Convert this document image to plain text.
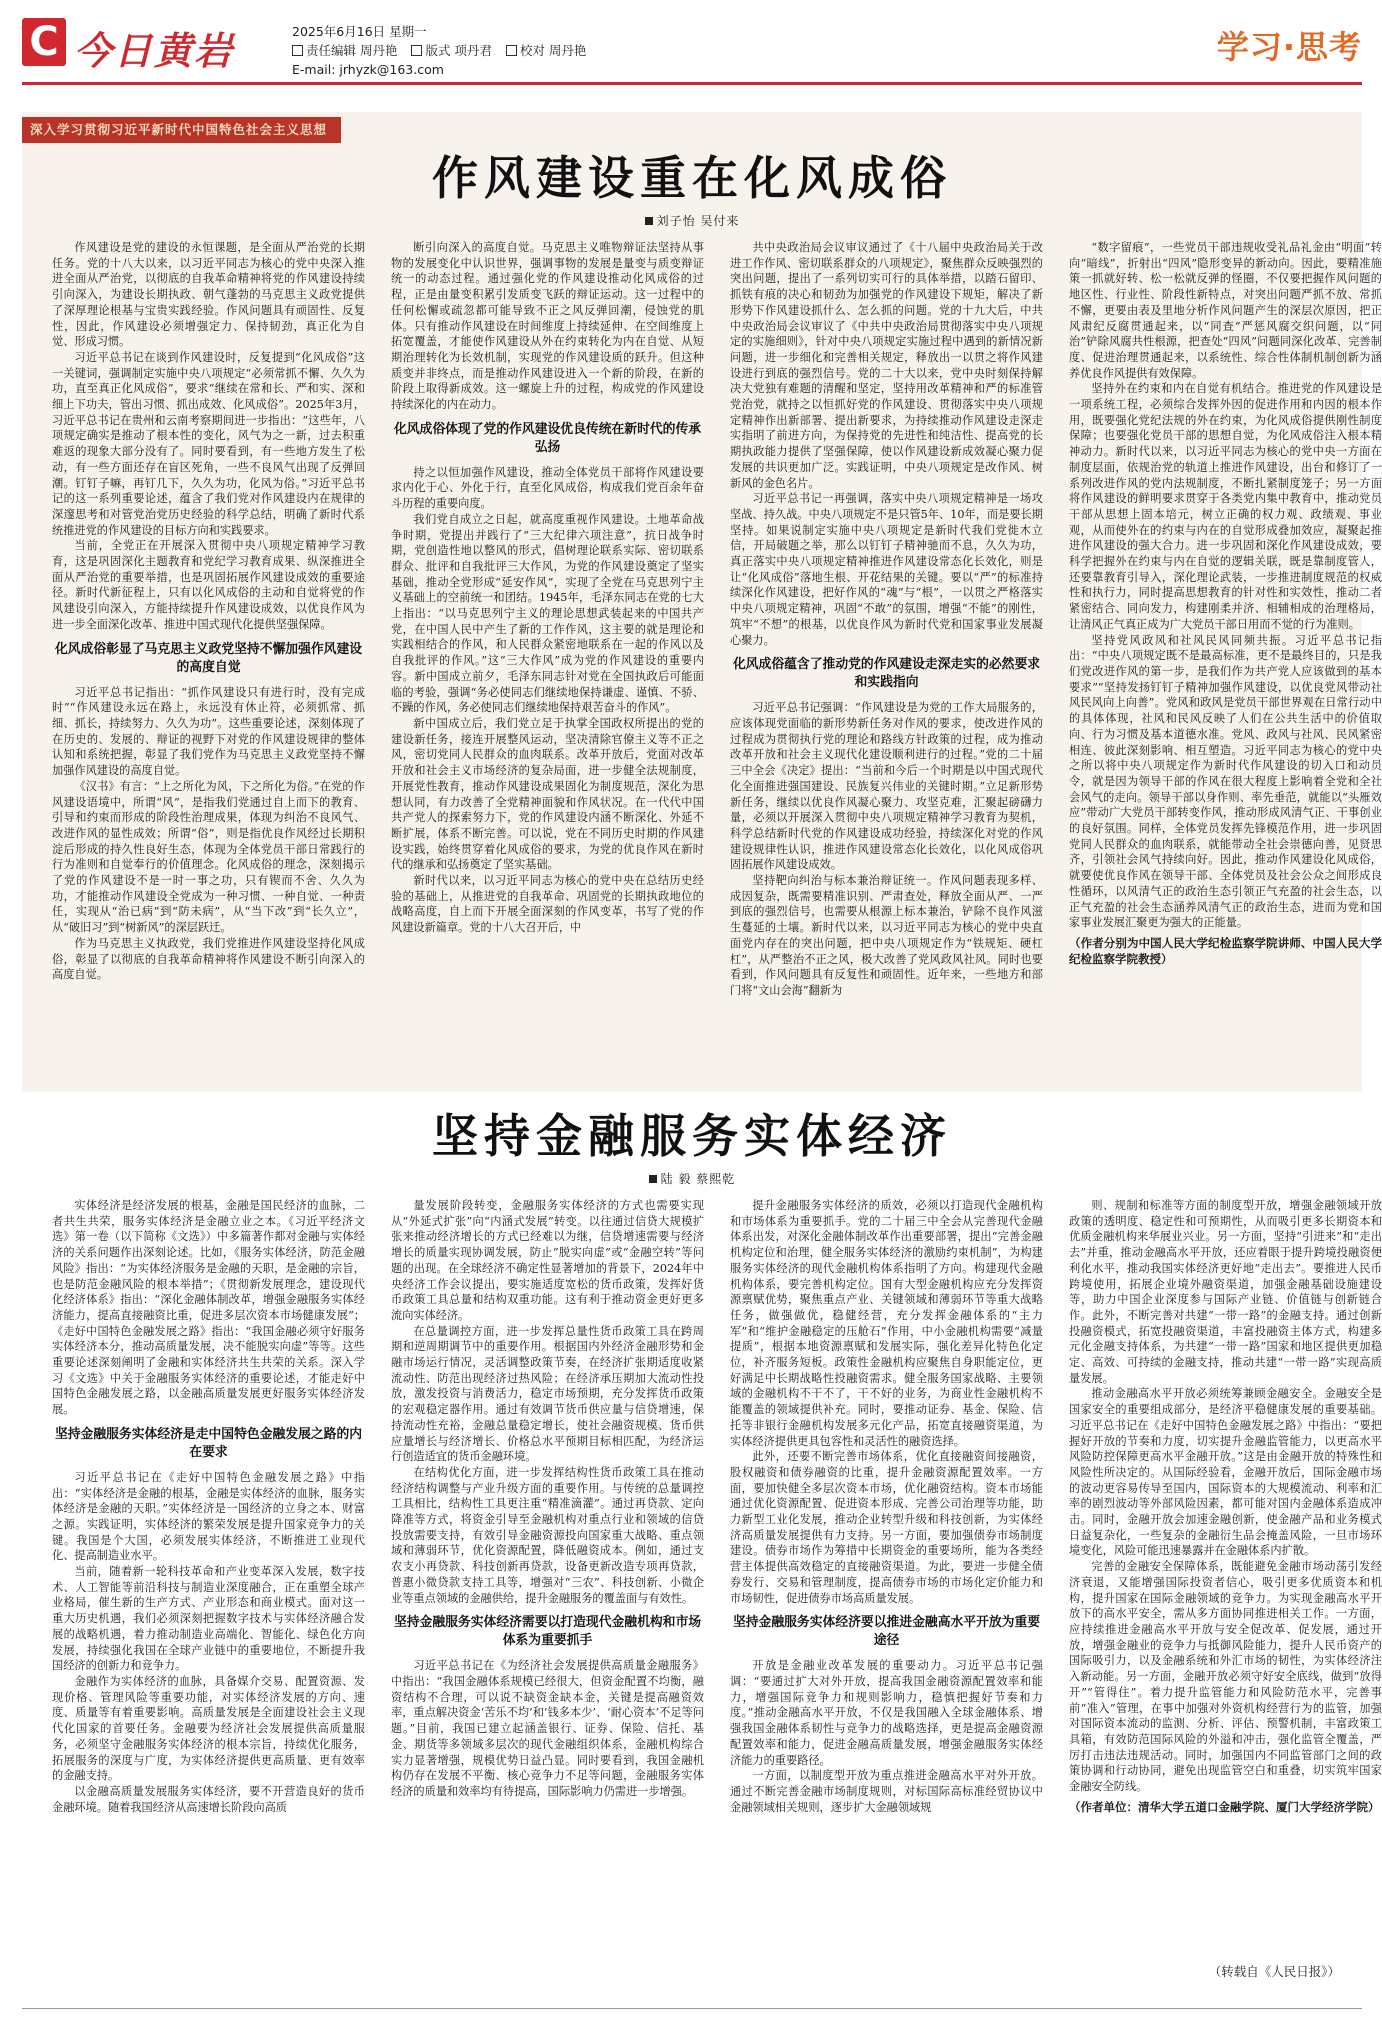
C 今日黄岩	2025年6月16日 星期一
责任编辑 周丹艳 版式 项丹君 校对 周丹艳
E-mail: jrhyzk@163.com
学习·思考
深入学习贯彻习近平新时代中国特色社会主义思想
作风建设重在化风成俗
刘子怡 吴付来

作风建设是党的建设的永恒课题，是全面从严治党的长期任务。党的十八大以来，以习近平同志为核心的党中央深入推进全面从严治党，以彻底的自我革命精神将党的作风建设持续引向深入，为建设长期执政、朝气蓬勃的马克思主义政党提供了深厚理论根基与宝贵实践经验。作风问题具有顽固性、反复性，因此，作风建设必须增强定力、保持韧劲，真正化为自觉、形成习惯。

习近平总书记在谈到作风建设时，反复提到“化风成俗”这一关键词，强调制定实施中央八项规定“必须常抓不懈、久久为功，直至真正化风成俗”，要求“继续在常和长、严和实、深和细上下功夫，管出习惯、抓出成效、化风成俗”。2025年3月，习近平总书记在贵州和云南考察期间进一步指出：“这些年，八项规定确实是推动了根本性的变化，风气为之一新，过去积重难返的现象大部分没有了。同时要看到，有一些地方发生了松动，有一些方面还存在盲区死角，一些不良风气出现了反弹回潮。钉钉子嘛，再钉几下，久久为功，化风为俗。”习近平总书记的这一系列重要论述，蕴含了我们党对作风建设内在规律的深邃思考和对管党治党历史经验的科学总结，明确了新时代系统推进党的作风建设的目标方向和实践要求。

当前，全党正在开展深入贯彻中央八项规定精神学习教育，这是巩固深化主题教育和党纪学习教育成果、纵深推进全面从严治党的重要举措，也是巩固拓展作风建设成效的重要途径。新时代新征程上，只有以化风成俗的主动和自觉将党的作风建设引向深入，方能持续提升作风建设成效，以优良作风为进一步全面深化改革、推进中国式现代化提供坚强保障。

化风成俗彰显了马克思主义政党坚持不懈加强作风建设的高度自觉

习近平总书记指出：“抓作风建设只有进行时，没有完成时”“作风建设永远在路上，永远没有休止符，必须抓常、抓细、抓长，持续努力、久久为功”。这些重要论述，深刻体现了在历史的、发展的、辩证的视野下对党的作风建设规律的整体认知和系统把握，彰显了我们党作为马克思主义政党坚持不懈加强作风建设的高度自觉。

《汉书》有言：“上之所化为风，下之所化为俗。”在党的作风建设语境中，所谓“风”，是指我们党通过自上而下的教育、引导和约束而形成的阶段性治理成果，体现为纠治不良风气、改进作风的显性成效；所谓“俗”，则是指优良作风经过长期积淀后形成的持久性良好生态，体现为全体党员干部日常践行的行为准则和自觉奉行的价值理念。化风成俗的理念，深刻揭示了党的作风建设不是一时一事之功，只有锲而不舍、久久为功，才能推动作风建设全党成为一种习惯、一种自觉、一种责任，实现从“治已病”到“防未病”，从“当下改”到“长久立”，从“破旧习”到“树新风”的深层跃迁。

作为马克思主义执政党，我们党推进作风建设坚持化风成俗，彰显了以彻底的自我革命精神将作风建设不断引向深入的高度自觉。

断引向深入的高度自觉。马克思主义唯物辩证法坚持从事物的发展变化中认识世界，强调事物的发展是量变与质变辩证统一的动态过程。通过强化党的作风建设推动化风成俗的过程，正是由量变积累引发质变飞跃的辩证运动。这一过程中的任何松懈或疏忽都可能导致不正之风反弹回潮，侵蚀党的肌体。只有推动作风建设在时间维度上持续延伸、在空间维度上拓宽覆盖，才能使作风建设从外在约束转化为内在自觉、从短期治理转化为长效机制，实现党的作风建设质的跃升。但这种质变并非终点，而是推动作风建设进入一个新的阶段，在新的阶段上取得新成效。这一螺旋上升的过程，构成党的作风建设持续深化的内在动力。

化风成俗体现了党的作风建设优良传统在新时代的传承弘扬

持之以恒加强作风建设，推动全体党员干部将作风建设要求内化于心、外化于行，直至化风成俗，构成我们党百余年奋斗历程的重要向度。

我们党自成立之日起，就高度重视作风建设。土地革命战争时期，党提出并践行了“三大纪律六项注意”，抗日战争时期，党创造性地以整风的形式，倡树理论联系实际、密切联系群众、批评和自我批评三大作风，为党的作风建设奠定了坚实基础，推动全党形成“延安作风”，实现了全党在马克思列宁主义基础上的空前统一和团结。1945年，毛泽东同志在党的七大上指出：“以马克思列宁主义的理论思想武装起来的中国共产党，在中国人民中产生了新的工作作风，这主要的就是理论和实践相结合的作风，和人民群众紧密地联系在一起的作风以及自我批评的作风。”这“三大作风”成为党的作风建设的重要内容。新中国成立前夕，毛泽东同志针对党在全国执政后可能面临的考验，强调“务必使同志们继续地保持谦虚、谨慎、不骄、不躁的作风，务必使同志们继续地保持艰苦奋斗的作风”。

新中国成立后，我们党立足于执掌全国政权所提出的党的建设新任务，接连开展整风运动，坚决清除官僚主义等不正之风，密切党同人民群众的血肉联系。改革开放后，党面对改革开放和社会主义市场经济的复杂局面，进一步健全法规制度，开展党性教育，推动作风建设成果固化为制度规范，深化为思想认同，有力改善了全党精神面貌和作风状况。在一代代中国共产党人的探索努力下，党的作风建设内涵不断深化、外延不断扩展，体系不断完善。可以说，党在不同历史时期的作风建设实践，始终贯穿着化风成俗的要求，为党的优良作风在新时代的继承和弘扬奠定了坚实基础。

新时代以来，以习近平同志为核心的党中央在总结历史经验的基础上，从推进党的自我革命、巩固党的长期执政地位的战略高度，自上而下开展全面深刻的作风变革，书写了党的作风建设新篇章。党的十八大召开后，中

共中央政治局会议审议通过了《十八届中央政治局关于改进工作作风、密切联系群众的八项规定》，聚焦群众反映强烈的突出问题，提出了一系列切实可行的具体举措，以踏石留印、抓铁有痕的决心和韧劲为加强党的作风建设下规矩，解决了新形势下作风建设抓什么、怎么抓的问题。党的十九大后，中共中央政治局会议审议了《中共中央政治局贯彻落实中央八项规定的实施细则》，针对中央八项规定实施过程中遇到的新情况新问题，进一步细化和完善相关规定，释放出一以贯之将作风建设进行到底的强烈信号。党的二十大以来，党中央时刻保持解决大党独有难题的清醒和坚定，坚持用改革精神和严的标准管党治党，就持之以恒抓好党的作风建设、贯彻落实中央八项规定精神作出新部署、提出新要求，为持续推动作风建设走深走实指明了前进方向，为保持党的先进性和纯洁性、提高党的长期执政能力提供了坚强保障，使以作风建设新成效凝心聚力促发展的共识更加广泛。实践证明，中央八项规定是改作风、树新风的金色名片。

习近平总书记一再强调，落实中央八项规定精神是一场攻坚战、持久战。中央八项规定不是只管5年、10年，而是要长期坚持。如果说制定实施中央八项规定是新时代我们党徙木立信，开局破题之举，那么以钉钉子精神驰而不息，久久为功，真正落实中央八项规定精神推进作风建设常态化长效化，则是让“化风成俗”落地生根、开花结果的关键。要以“严”的标准持续深化作风建设，把好作风的“魂”与“根”，一以贯之严格落实中央八项规定精神，巩固“不敢”的氛围，增强“不能”的刚性，筑牢“不想”的根基，以优良作风为新时代党和国家事业发展凝心聚力。

化风成俗蕴含了推动党的作风建设走深走实的必然要求和实践指向

习近平总书记强调：“作风建设是为党的工作大局服务的，应该体现党面临的新形势新任务对作风的要求，使改进作风的过程成为贯彻执行党的理论和路线方针政策的过程，成为推动改革开放和社会主义现代化建设顺利进行的过程。”党的二十届三中全会《决定》提出：“当前和今后一个时期是以中国式现代化全面推进强国建设、民族复兴伟业的关键时期。”立足新形势新任务，继续以优良作风凝心聚力、攻坚克难，汇聚起磅礴力量，必须以开展深入贯彻中央八项规定精神学习教育为契机，科学总结新时代党的作风建设成功经验，持续深化对党的作风建设规律性认识，推进作风建设常态化长效化，以化风成俗巩固拓展作风建设成效。

坚持靶向纠治与标本兼治辩证统一。作风问题表现多样、成因复杂，既需要精准识别、严肃查处，释放全面从严、一严到底的强烈信号，也需要从根源上标本兼治，铲除不良作风滋生蔓延的土壤。新时代以来，以习近平同志为核心的党中央直面党内存在的突出问题，把中央八项规定作为“铁规矩、硬杠杠”，从严整治不正之风，极大改善了党风政风社风。同时也要看到，作风问题具有反复性和顽固性。近年来，一些地方和部门将“文山会海”翻新为

“数字留痕”，一些党员干部违规收受礼品礼金由“明面”转向“暗线”，折射出“四风”隐形变异的新动向。因此，要精准施策一抓就好转、松一松就反弹的怪圈，不仅要把握作风问题的地区性、行业性、阶段性新特点，对突出问题严抓不放、常抓不懈，更要由表及里地分析作风问题产生的深层次原因，把正风肃纪反腐贯通起来，以“同查”严惩风腐交织问题，以“同治”铲除风腐共性根源，把查处“四风”问题同深化改革、完善制度、促进治理贯通起来，以系统性、综合性体制机制创新为涵养优良作风提供有效保障。

坚持外在约束和内在自觉有机结合。推进党的作风建设是一项系统工程，必须综合发挥外因的促进作用和内因的根本作用，既要强化党纪法规的外在约束，为化风成俗提供刚性制度保障；也要强化党员干部的思想自觉，为化风成俗注入根本精神动力。新时代以来，以习近平同志为核心的党中央一方面在制度层面，依规治党的轨道上推进作风建设，出台和修订了一系列改进作风的党内法规制度，不断扎紧制度笼子；另一方面将作风建设的鲜明要求贯穿于各类党内集中教育中，推动党员干部从思想上固本培元，树立正确的权力观、政绩观、事业观，从而使外在的约束与内在的自觉形成叠加效应，凝聚起推进作风建设的强大合力。进一步巩固和深化作风建设成效，要科学把握外在约束与内在自觉的逻辑关联，既是靠制度管人，还要靠教育引导入，深化理论武装，一步推进制度规范的权威性和执行力，同时提高思想教育的针对性和实效性，推动二者紧密结合、同向发力，构建刚柔并济、相辅相成的治理格局，让清风正气真正成为广大党员干部日用而不觉的行为准则。

坚持党风政风和社风民风同频共振。习近平总书记指出：“中央八项规定既不是最高标准，更不是最终目的，只是我们党改进作风的第一步，是我们作为共产党人应该做到的基本要求”“坚持发扬钉钉子精神加强作风建设，以优良党风带动社风民风向上向善”。党风和政风是党员干部世界观在日常行动中的具体体现，社风和民风反映了人们在公共生活中的价值取向、行为习惯及基本道德水准。党风、政风与社风、民风紧密相连、彼此深刻影响、相互塑造。习近平同志为核心的党中央之所以将中央八项规定作为新时代作风建设的切入口和动员令，就是因为领导干部的作风在很大程度上影响着全党和全社会风气的走向。领导干部以身作则、率先垂范，就能以“头雁效应”带动广大党员干部转变作风，推动形成风清气正、干事创业的良好氛围。同样，全体党员发挥先锋模范作用，进一步巩固党同人民群众的血肉联系，就能带动全社会崇德向善，见贤思齐，引领社会风气持续向好。因此，推动作风建设化风成俗，就要使优良作风在领导干部、全体党员及社会公众之间形成良性循环，以风清气正的政治生态引领正气充盈的社会生态，以正气充盈的社会生态涵养风清气正的政治生态，进而为党和国家事业发展汇聚更为强大的正能量。

（作者分别为中国人民大学纪检监察学院讲师、中国人民大学纪检监察学院教授）
坚持金融服务实体经济
陆 毅 蔡熙乾

实体经济是经济发展的根基，金融是国民经济的血脉，二者共生共荣，服务实体经济是金融立业之本。《习近平经济文选》第一卷（以下简称《文选》）中多篇著作都对金融与实体经济的关系问题作出深刻论述。比如，《服务实体经济，防范金融风险》指出：“为实体经济服务是金融的天职，是金融的宗旨，也是防范金融风险的根本举措”；《贯彻新发展理念，建设现代化经济体系》指出：“深化金融体制改革，增强金融服务实体经济能力，提高直接融资比重，促进多层次资本市场健康发展”；《走好中国特色金融发展之路》指出：“我国金融必须守好服务实体经济本分，推动高质量发展，决不能脱实向虚”等等。这些重要论述深刻阐明了金融和实体经济共生共荣的关系。深入学习《文选》中关于金融服务实体经济的重要论述，才能走好中国特色金融发展之路，以金融高质量发展更好服务实体经济发展。

坚持金融服务实体经济是走中国特色金融发展之路的内在要求

习近平总书记在《走好中国特色金融发展之路》中指出：“实体经济是金融的根基，金融是实体经济的血脉，服务实体经济是金融的天职。”实体经济是一国经济的立身之本、财富之源。实践证明，实体经济的繁荣发展是提升国家竞争力的关键。我国是个大国，必须发展实体经济，不断推进工业现代化、提高制造业水平。

当前，随着新一轮科技革命和产业变革深入发展，数字技术、人工智能等前沿科技与制造业深度融合，正在重塑全球产业格局，催生新的生产方式、产业形态和商业模式。面对这一重大历史机遇，我们必须深刻把握数字技术与实体经济融合发展的战略机遇，着力推动制造业高端化、智能化、绿色化方向发展，持续强化我国在全球产业链中的重要地位，不断提升我国经济的创新力和竞争力。

金融作为实体经济的血脉，具备媒介交易、配置资源、发现价格、管理风险等重要功能，对实体经济发展的方向、速度、质量等有着重要影响。高质量发展是全面建设社会主义现代化国家的首要任务。金融要为经济社会发展提供高质量服务，必须坚守金融服务实体经济的根本宗旨，持续优化服务，拓展服务的深度与广度，为实体经济提供更高质量、更有效率的金融支持。

以金融高质量发展服务实体经济，要不开营造良好的货币金融环境。随着我国经济从高速增长阶段向高质

量发展阶段转变，金融服务实体经济的方式也需要实现从“外延式扩张”向“内涵式发展”转变。以往通过信贷大规模扩张来推动经济增长的方式已经难以为继，信贷增速需要与经济增长的质量实现协调发展，防止“脱实向虚”或“金融空转”等问题的出现。在全球经济不确定性显著增加的背景下，2024年中央经济工作会议提出，要实施适度宽松的货币政策，发挥好货币政策工具总量和结构双重功能。这有利于推动资金更好更多流向实体经济。

在总量调控方面，进一步发挥总量性货币政策工具在跨周期和逆周期调节中的重要作用。根据国内外经济金融形势和金融市场运行情况，灵活调整政策节奏，在经济扩张期适度收紧流动性、防范出现经济过热风险；在经济承压期加大流动性投放，激发投资与消费活力，稳定市场预期，充分发挥货币政策的宏观稳定器作用。通过有效调节货币供应量与信贷增速，保持流动性充裕，金融总量稳定增长，使社会融资规模、货币供应量增长与经济增长、价格总水平预期目标相匹配，为经济运行创造适宜的货币金融环境。

在结构优化方面，进一步发挥结构性货币政策工具在推动经济结构调整与产业升级方面的重要作用。与传统的总量调控工具相比，结构性工具更注重“精准滴灌”。通过再贷款、定向降准等方式，将资金引导至金融机构对重点行业和领域的信贷投放需要支持，有效引导金融资源投向国家重大战略、重点领域和薄弱环节，优化资源配置，降低融资成本。例如，通过支农支小再贷款、科技创新再贷款，设备更新改造专项再贷款，普惠小微贷款支持工具等，增强对“三农”、科技创新、小微企业等重点领域的金融供给，提升金融服务的覆盖面与有效性。

坚持金融服务实体经济需要以打造现代金融机构和市场体系为重要抓手

习近平总书记在《为经济社会发展提供高质量金融服务》中指出：“我国金融体系规模已经很大，但资金配置不均衡，融资结构不合理，可以说不缺资金缺本金，关键是提高融资效率，重点解决资金‘苦乐不均’和‘钱多本少’、‘耐心资本’不足等问题。”目前，我国已建立起涵盖银行、证券、保险、信托、基金、期货等多领域多层次的现代金融组织体系，金融机构综合实力显著增强，规模优势日益凸显。同时要看到，我国金融机构仍存在发展不平衡、核心竞争力不足等问题，金融服务实体经济的质量和效率均有待提高，国际影响力仍需进一步增强。

提升金融服务实体经济的质效，必须以打造现代金融机构和市场体系为重要抓手。党的二十届三中全会从完善现代金融体系出发，对深化金融体制改革作出重要部署，提出“完善金融机构定位和治理，健全服务实体经济的激励约束机制”，为构建服务实体经济的现代金融机构体系指明了方向。构建现代金融机构体系，要完善机构定位。国有大型金融机构应充分发挥资源禀赋优势，聚焦重点产业、关键领域和薄弱环节等重大战略任务，做强做优，稳健经营，充分发挥金融体系的“主力军”和“维护金融稳定的压舱石”作用，中小金融机构需要“减量提质”，根据本地资源禀赋和发展实际，强化差异化特色化定位，补齐服务短板。政策性金融机构应聚焦自身职能定位，更好满足中长期战略性投融资需求。健全服务国家战略、主要领域的金融机构不干不了，干不好的业务，为商业性金融机构不能覆盖的领域提供补充。同时，要推动证券、基金、保险、信托等非银行金融机构发展多元化产品，拓宽直接融资渠道，为实体经济提供更具包容性和灵活性的融资选择。

此外，还要不断完善市场体系，优化直接融资间接融资，股权融资和债券融资的比重，提升金融资源配置效率。一方面，要加快健全多层次资本市场，优化融资结构。资本市场能通过优化资源配置、促进资本形成、完善公司治理等功能，助力新型工业化发展，推动企业转型升级和科技创新，为实体经济高质量发展提供有力支持。另一方面，要加强债券市场制度建设。债券市场作为筹措中长期资金的重要场所，能为各类经营主体提供高效稳定的直接融资渠道。为此，要进一步健全债券发行、交易和管理制度，提高债券市场的市场化定价能力和市场韧性，促进债券市场高质量发展。

坚持金融服务实体经济要以推进金融高水平开放为重要途径

开放是金融业改革发展的重要动力。习近平总书记强调：“要通过扩大对外开放，提高我国金融资源配置效率和能力，增强国际竞争力和规则影响力，稳慎把握好节奏和力度。”推动金融高水平开放，不仅是我国融入全球金融体系、增强我国金融体系韧性与竞争力的战略选择，更是提高金融资源配置效率和能力，促进金融高质量发展，增强金融服务实体经济能力的重要路径。

一方面，以制度型开放为重点推进金融高水平对外开放。通过不断完善金融市场制度规则，对标国际高标准经贸协议中金融领域相关规则，逐步扩大金融领域规

则、规制和标准等方面的制度型开放，增强金融领域开放政策的透明度、稳定性和可预期性，从而吸引更多长期资本和优质金融机构来华展业兴业。另一方面，坚持“引进来”和“走出去”并重，推动金融高水平开放，还应着眼于提升跨境投融资便利化水平，推动我国实体经济更好地“走出去”。要推进人民币跨境使用，拓展企业境外融资渠道，加强金融基础设施建设等，助力中国企业深度参与国际产业链、价值链与创新链合作。此外，不断完善对共建“一带一路”的金融支持。通过创新投融资模式，拓宽投融资渠道，丰富投融资主体方式，构建多元化金融支持体系，为共建“一带一路”国家和地区提供更加稳定、高效、可持续的金融支持，推动共建“一带一路”实现高质量发展。

推动金融高水平开放必须统筹兼顾金融安全。金融安全是国家安全的重要组成部分，是经济平稳健康发展的重要基础。习近平总书记在《走好中国特色金融发展之路》中指出：“要把握好开放的节奏和力度，切实提升金融监管能力，以更高水平风险防控保障更高水平金融开放。”这是由金融开放的特殊性和风险性所决定的。从国际经验看，金融开放后，国际金融市场的波动更容易传导至国内，国际资本的大规模流动、利率和汇率的剧烈波动等外部风险因素，都可能对国内金融体系造成冲击。同时，金融开放会加速金融创新，使金融产品和业务模式日益复杂化，一些复杂的金融衍生品会掩盖风险，一旦市场环境变化，风险可能迅速暴露并在金融体系内扩散。

完善的金融安全保障体系，既能避免金融市场动荡引发经济衰退，又能增强国际投资者信心，吸引更多优质资本和机构，提升国家在国际金融领域的竞争力。为实现金融高水平开放下的高水平安全，需从多方面协同推进相关工作。一方面，应持续推进金融高水平开放与安全促改革、促发展，通过开放，增强金融业的竞争力与抵御风险能力，提升人民币资产的国际吸引力，以及金融系统和外汇市场的韧性，为实体经济注入新动能。另一方面，金融开放必须守好安全底线，做到“放得开”“管得住”。着力提升监管能力和风险防范水平，完善事前“准入”管理，在事中加强对外资机构经营行为的监管，加强对国际资本流动的监测、分析、评估、预警机制，丰富政策工具箱，有效防范国际风险的外溢和冲击，强化监管全覆盖，严厉打击违法违规活动。同时，加强国内不同监管部门之间的政策协调和行动协同，避免出现监管空白和重叠，切实筑牢国家金融安全防线。

（作者单位：清华大学五道口金融学院、厦门大学经济学院）
（转载自《人民日报》）
